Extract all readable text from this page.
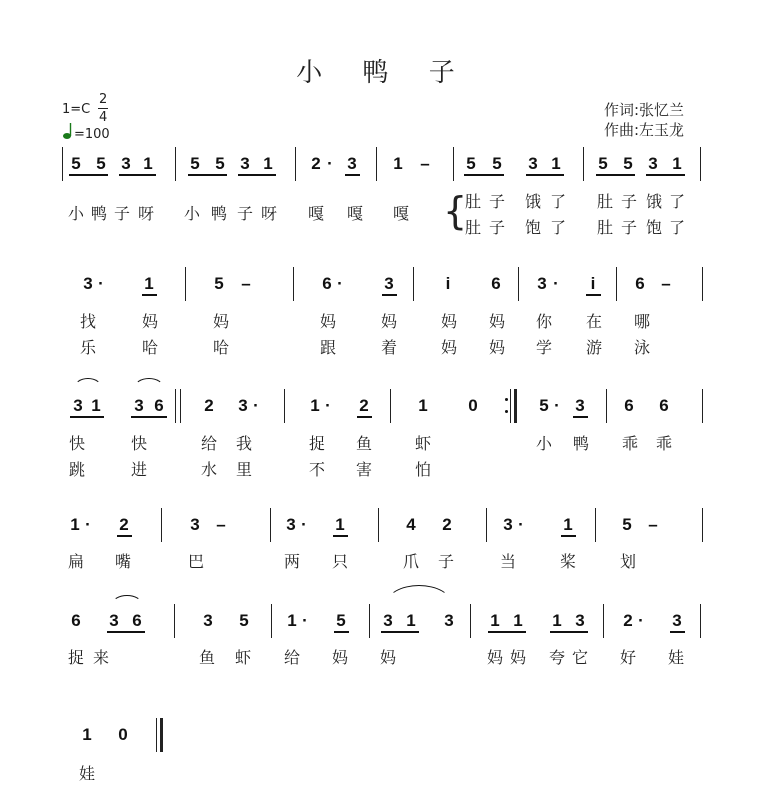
小 鸭 子
1=C
2
4
=100
作词:张忆兰
作曲:左玉龙
5 5 3 1 5 5 3 1 2 · 3 1 – 5 5 3 1 5 5 3 1
小 鸭 子 呀 小 鸭 子 呀 嘎 嘎 嘎 {
肚 子 饿 了 肚 子 饿 了
肚 子 饱 了 肚 子 饱 了
3 · 1	5 –	6 · 3	i 6 3 · i 6 –
找	妈	妈	妈	妈	妈 妈 你 在 哪
乐	哈	哈	跟	着	妈 妈 学 游 泳
3 1 3 6 2 3 ·	1 · 2	1 0	5 · 3 6 6
快	快	给 我	捉 鱼	虾	小 鸭 乖 乖
跳	进	水 里	不 害	怕
1 · 2	3 –	3 · 1	4 2	3 · 1	5 –
扁 嘴	巴	两 只	爪 子	当	桨	划
6 3 6	3 5 1 · 5 3 1 3 1 1 1 3 2 · 3
捉 来	鱼 虾 给 妈 妈	妈 妈 夸 它 好 娃
1 0
娃
